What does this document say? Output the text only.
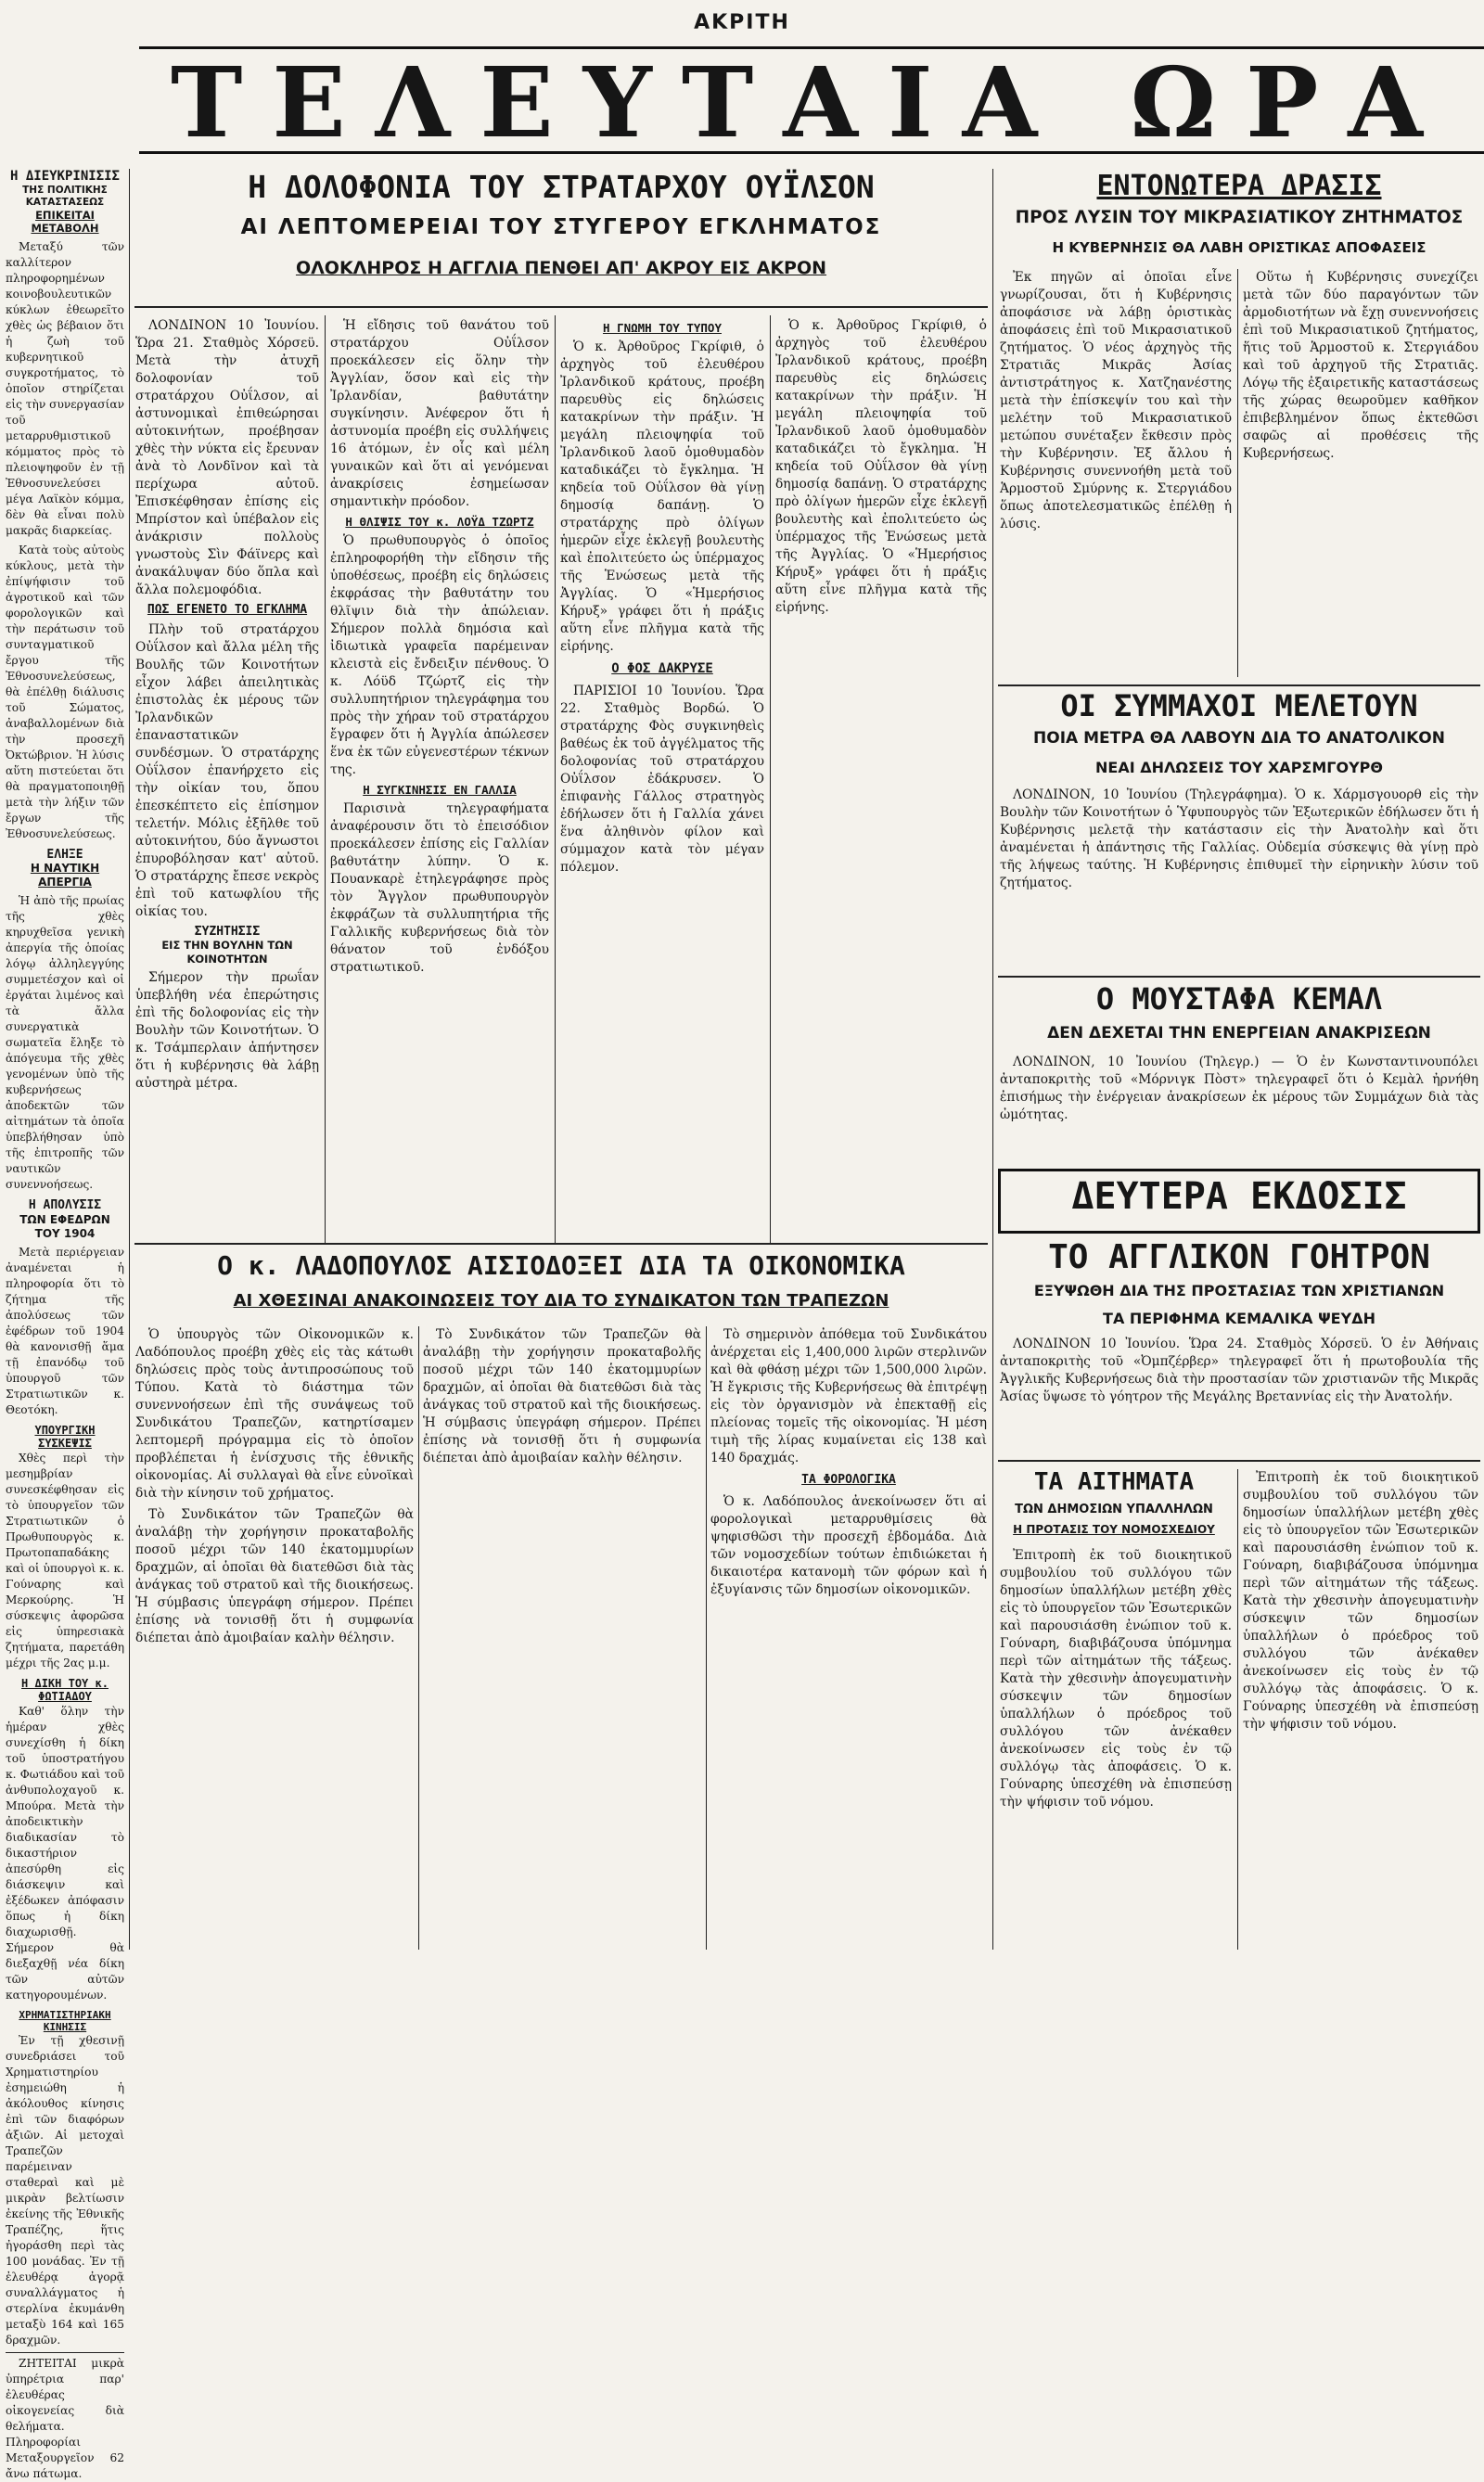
ΑΚΡΙΤΗ
ΤΕΛΕΥΤΑΙΑ ΩΡΑ

Η ΔΙΕΥΚΡΙΝΙΣΙΣ

ΤΗΣ ΠΟΛΙΤΙΚΗΣ ΚΑΤΑΣΤΑΣΕΩΣ

ΕΠΙΚΕΙΤΑΙ ΜΕΤΑΒΟΛΗ

Μεταξύ τῶν καλλίτερον πληροφορημένων κοινοβουλευτικῶν κύκλων ἐθεωρεῖτο χθὲς ὡς βέβαιον ὅτι ἡ ζωὴ τοῦ κυβερνητικοῦ συγκροτήματος, τὸ ὁποῖον στηρίζεται εἰς τὴν συνεργασίαν τοῦ μεταρρυθμιστικοῦ κόμματος πρὸς τὸ πλειοψηφοῦν ἐν τῇ Ἐθνοσυνελεύσει μέγα Λαϊκὸν κόμμα, δὲν θὰ εἶναι πολὺ μακρᾶς διαρκείας.

Κατὰ τοὺς αὐτοὺς κύκλους, μετὰ τὴν ἐπίψήφισιν τοῦ ἀγροτικοῦ καὶ τῶν φορολογικῶν καὶ τὴν περάτωσιν τοῦ συνταγματικοῦ ἔργου τῆς Ἐθνοσυνελεύσεως, θὰ ἐπέλθῃ διάλυσις τοῦ Σώματος, ἀναβαλλομένων διὰ τὴν προσεχῆ Ὀκτώβριον. Ἡ λύσις αὕτη πιστεύεται ὅτι θὰ πραγματοποιηθῇ μετὰ τὴν λήξιν τῶν ἔργων τῆς Ἐθνοσυνελεύσεως.

ΕΛΗΞΕ

Η ΝΑΥΤΙΚΗ ΑΠΕΡΓΙΑ

Ἡ ἀπὸ τῆς πρωίας τῆς χθὲς κηρυχθεῖσα γενικὴ ἀπεργία τῆς ὁποίας λόγῳ ἀλληλεγγύης συμμετέσχον καὶ οἱ ἐργάται λιμένος καὶ τὰ ἄλλα συνεργατικὰ σωματεῖα ἔληξε τὸ ἀπόγευμα τῆς χθὲς γενομένων ὑπὸ τῆς κυβερνήσεως ἀποδεκτῶν τῶν αἰτημάτων τὰ ὁποῖα ὑπεβλήθησαν ὑπὸ τῆς ἐπιτροπῆς τῶν ναυτικῶν συνεννοήσεως.

Η ΑΠΟΛΥΣΙΣ

ΤΩΝ ΕΦΕΔΡΩΝ ΤΟΥ 1904

Μετὰ περιέργειαν ἀναμένεται ἡ πληροφορία ὅτι τὸ ζήτημα τῆς ἀπολύσεως τῶν ἐφέδρων τοῦ 1904 θὰ κανονισθῇ ἅμα τῇ ἐπανόδῳ τοῦ ὑπουργοῦ τῶν Στρατιωτικῶν κ. Θεοτόκη.

ΥΠΟΥΡΓΙΚΗ ΣΥΣΚΕΨΙΣ

Χθὲς περὶ τὴν μεσημβρίαν συνεσκέφθησαν εἰς τὸ ὑπουργεῖον τῶν Στρατιωτικῶν ὁ Πρωθυπουργὸς κ. Πρωτοπαπαδάκης καὶ οἱ ὑπουργοὶ κ. κ. Γούναρης καὶ Μερκούρης. Ἡ σύσκεψις ἀφορῶσα εἰς ὑπηρεσιακὰ ζητήματα, παρετάθη μέχρι τῆς 2ας μ.μ.

Η ΔΙΚΗ ΤΟΥ κ. ΦΩΤΙΑΔΟΥ

Καθ' ὅλην τὴν ἡμέραν χθὲς συνεχίσθη ἡ δίκη τοῦ ὑποστρατήγου κ. Φωτιάδου καὶ τοῦ ἀνθυπολοχαγοῦ κ. Μπούρα. Μετὰ τὴν ἀποδεικτικὴν διαδικασίαν τὸ δικαστήριον ἀπεσύρθη εἰς διάσκεψιν καὶ ἐξέδωκεν ἀπόφασιν ὅπως ἡ δίκη διαχωρισθῇ. Σήμερον θὰ διεξαχθῇ νέα δίκη τῶν αὐτῶν κατηγορουμένων.

ΧΡΗΜΑΤΙΣΤΗΡΙΑΚΗ ΚΙΝΗΣΙΣ

Ἐν τῇ χθεσινῇ συνεδριάσει τοῦ Χρηματιστηρίου ἐσημειώθη ἡ ἀκόλουθος κίνησις ἐπὶ τῶν διαφόρων ἀξιῶν. Αἱ μετοχαὶ Τραπεζῶν παρέμειναν σταθεραὶ καὶ μὲ μικρὰν βελτίωσιν ἐκείνης τῆς Ἐθνικῆς Τραπέζης, ἥτις ἠγοράσθη περὶ τὰς 100 μονάδας. Ἐν τῇ ἐλευθέρᾳ ἀγορᾷ συναλλάγματος ἡ στερλίνα ἐκυμάνθη μεταξὺ 164 καὶ 165 δραχμῶν.

ΖΗΤΕΙΤΑΙ μικρὰ ὑπηρέτρια παρ' ἐλευθέρας οἰκογενείας διὰ θελήματα. Πληροφορίαι Μεταξουργεῖον 62 ἄνω πάτωμα.

Η ΔΟΛΟΦΟΝΙΑ ΤΟΥ ΣΤΡΑΤΑΡΧΟΥ ΟΥΪΛΣΟΝ

ΑΙ ΛΕΠΤΟΜΕΡΕΙΑΙ ΤΟΥ ΣΤΥΓΕΡΟΥ ΕΓΚΛΗΜΑΤΟΣ

ΟΛΟΚΛΗΡΟΣ Η ΑΓΓΛΙΑ ΠΕΝΘΕΙ ΑΠ' ΑΚΡΟΥ ΕΙΣ ΑΚΡΟΝ

ΛΟΝΔΙΝΟΝ 10 Ἰουνίου. Ὥρα 21. Σταθμὸς Χόρσεϋ. Μετὰ τὴν ἀτυχῆ δολοφονίαν τοῦ στρατάρχου Οὐΐλσον, αἱ ἀστυνομικαὶ ἐπιθεώρησαι αὐτοκινήτων, προέβησαν χθὲς τὴν νύκτα εἰς ἔρευναν ἀνὰ τὸ Λονδῖνον καὶ τὰ περίχωρα αὐτοῦ. Ἐπισκέφθησαν ἐπίσης εἰς Μπρίστον καὶ ὑπέβαλον εἰς ἀνάκρισιν πολλοὺς γνωστοὺς Σὶν Φάϊνερς καὶ ἀνακάλυψαν δύο ὅπλα καὶ ἄλλα πολεμοφόδια.

ΠΩΣ ΕΓΕΝΕΤΟ ΤΟ ΕΓΚΛΗΜΑ

Πλὴν τοῦ στρατάρχου Οὐΐλσον καὶ ἄλλα μέλη τῆς Βουλῆς τῶν Κοινοτήτων εἶχον λάβει ἀπειλητικὰς ἐπιστολὰς ἐκ μέρους τῶν Ἰρλανδικῶν ἐπαναστατικῶν συνδέσμων. Ὁ στρατάρχης Οὐΐλσον ἐπανήρχετο εἰς τὴν οἰκίαν του, ὅπου ἐπεσκέπτετο εἰς ἐπίσημον τελετήν. Μόλις ἐξῆλθε τοῦ αὐτοκινήτου, δύο ἄγνωστοι ἐπυροβόλησαν κατ' αὐτοῦ. Ὁ στρατάρχης ἔπεσε νεκρὸς ἐπὶ τοῦ κατωφλίου τῆς οἰκίας του.

ΣΥΖΗΤΗΣΙΣ

ΕΙΣ ΤΗΝ ΒΟΥΛΗΝ ΤΩΝ ΚΟΙΝΟΤΗΤΩΝ

Σήμερον τὴν πρωΐαν ὑπεβλήθη νέα ἐπερώτησις ἐπὶ τῆς δολοφονίας εἰς τὴν Βουλὴν τῶν Κοινοτήτων. Ὁ κ. Τσάμπερλαιν ἀπήντησεν ὅτι ἡ κυβέρνησις θὰ λάβῃ αὐστηρὰ μέτρα.

Ἡ εἴδησις τοῦ θανάτου τοῦ στρατάρχου Οὐΐλσον προεκάλεσεν εἰς ὅλην τὴν Ἀγγλίαν, ὅσον καὶ εἰς τὴν Ἰρλανδίαν, βαθυτάτην συγκίνησιν. Ἀνέφερον ὅτι ἡ ἀστυνομία προέβη εἰς συλλήψεις 16 ἀτόμων, ἐν οἷς καὶ μέλη γυναικῶν καὶ ὅτι αἱ γενόμεναι ἀνακρίσεις ἐσημείωσαν σημαντικὴν πρόοδον.

Η ΘΛΙΨΙΣ ΤΟΥ κ. ΛΟΫΔ ΤΖΩΡΤΖ

Ὁ πρωθυπουργὸς ὁ ὁποῖος ἐπληροφορήθη τὴν εἴδησιν τῆς ὑποθέσεως, προέβη εἰς δηλώσεις ἐκφράσας τὴν βαθυτάτην του θλῖψιν διὰ τὴν ἀπώλειαν. Σήμερον πολλὰ δημόσια καὶ ἰδιωτικὰ γραφεῖα παρέμειναν κλειστὰ εἰς ἔνδειξιν πένθους. Ὁ κ. Λόϋδ Τζώρτζ εἰς τὴν συλλυπητήριον τηλεγράφημα του πρὸς τὴν χήραν τοῦ στρατάρχου ἔγραφεν ὅτι ἡ Ἀγγλία ἀπώλεσεν ἕνα ἐκ τῶν εὐγενεστέρων τέκνων της.

Η ΣΥΓΚΙΝΗΣΙΣ ΕΝ ΓΑΛΛΙΑ

Παρισινὰ τηλεγραφήματα ἀναφέρουσιν ὅτι τὸ ἐπεισόδιον προεκάλεσεν ἐπίσης εἰς Γαλλίαν βαθυτάτην λύπην. Ὁ κ. Πουανκαρὲ ἐτηλεγράφησε πρὸς τὸν Ἄγγλον πρωθυπουργὸν ἐκφράζων τὰ συλλυπητήρια τῆς Γαλλικῆς κυβερνήσεως διὰ τὸν θάνατον τοῦ ἐνδόξου στρατιωτικοῦ.

Η ΓΝΩΜΗ ΤΟΥ ΤΥΠΟΥ

Ὁ κ. Ἀρθοῦρος Γκρίφιθ, ὁ ἀρχηγὸς τοῦ ἐλευθέρου Ἰρλανδικοῦ κράτους, προέβη παρευθὺς εἰς δηλώσεις κατακρίνων τὴν πράξιν. Ἡ μεγάλη πλειοψηφία τοῦ Ἰρλανδικοῦ λαοῦ ὁμοθυμαδὸν καταδικάζει τὸ ἔγκλημα. Ἡ κηδεία τοῦ Οὐΐλσον θὰ γίνῃ δημοσίᾳ δαπάνῃ. Ὁ στρατάρχης πρὸ ὀλίγων ἡμερῶν εἶχε ἐκλεγῇ βουλευτὴς καὶ ἐπολιτεύετο ὡς ὑπέρμαχος τῆς Ἑνώσεως μετὰ τῆς Ἀγγλίας. Ὁ «Ἡμερήσιος Κήρυξ» γράφει ὅτι ἡ πράξις αὕτη εἶνε πλῆγμα κατὰ τῆς εἰρήνης.

Ο ΦΟΣ ΔΑΚΡΥΣΕ

ΠΑΡΙΣΙΟΙ 10 Ἰουνίου. Ὥρα 22. Σταθμὸς Βορδώ. Ὁ στρατάρχης Φὸς συγκινηθεὶς βαθέως ἐκ τοῦ ἀγγέλματος τῆς δολοφονίας τοῦ στρατάρχου Οὐΐλσον ἐδάκρυσεν. Ὁ ἐπιφανὴς Γάλλος στρατηγὸς ἐδήλωσεν ὅτι ἡ Γαλλία χάνει ἕνα ἀληθινὸν φίλον καὶ σύμμαχον κατὰ τὸν μέγαν πόλεμον.

Ὁ κ. Ἀρθοῦρος Γκρίφιθ, ὁ ἀρχηγὸς τοῦ ἐλευθέρου Ἰρλανδικοῦ κράτους, προέβη παρευθὺς εἰς δηλώσεις κατακρίνων τὴν πράξιν. Ἡ μεγάλη πλειοψηφία τοῦ Ἰρλανδικοῦ λαοῦ ὁμοθυμαδὸν καταδικάζει τὸ ἔγκλημα. Ἡ κηδεία τοῦ Οὐΐλσον θὰ γίνῃ δημοσίᾳ δαπάνῃ. Ὁ στρατάρχης πρὸ ὀλίγων ἡμερῶν εἶχε ἐκλεγῇ βουλευτὴς καὶ ἐπολιτεύετο ὡς ὑπέρμαχος τῆς Ἑνώσεως μετὰ τῆς Ἀγγλίας. Ὁ «Ἡμερήσιος Κήρυξ» γράφει ὅτι ἡ πράξις αὕτη εἶνε πλῆγμα κατὰ τῆς εἰρήνης.

Ο κ. ΛΑΔΟΠΟΥΛΟΣ ΑΙΣΙΟΔΟΞΕΙ ΔΙΑ ΤΑ ΟΙΚΟΝΟΜΙΚΑ

ΑΙ ΧΘΕΣΙΝΑΙ ΑΝΑΚΟΙΝΩΣΕΙΣ ΤΟΥ ΔΙΑ ΤΟ ΣΥΝΔΙΚΑΤΟΝ ΤΩΝ ΤΡΑΠΕΖΩΝ

Ὁ ὑπουργὸς τῶν Οἰκονομικῶν κ. Λαδόπουλος προέβη χθὲς εἰς τὰς κάτωθι δηλώσεις πρὸς τοὺς ἀντιπροσώπους τοῦ Τύπου. Κατὰ τὸ διάστημα τῶν συνεννοήσεων ἐπὶ τῆς συνάψεως τοῦ Συνδικάτου Τραπεζῶν, κατηρτίσαμεν λεπτομερῆ πρόγραμμα εἰς τὸ ὁποῖον προβλέπεται ἡ ἐνίσχυσις τῆς ἐθνικῆς οἰκονομίας. Αἱ συλλαγαὶ θὰ εἶνε εὐνοϊκαὶ διὰ τὴν κίνησιν τοῦ χρήματος.

Τὸ Συνδικάτον τῶν Τραπεζῶν θὰ ἀναλάβῃ τὴν χορήγησιν προκαταβολῆς ποσοῦ μέχρι τῶν 140 ἑκατομμυρίων δραχμῶν, αἱ ὁποῖαι θὰ διατεθῶσι διὰ τὰς ἀνάγκας τοῦ στρατοῦ καὶ τῆς διοικήσεως. Ἡ σύμβασις ὑπεγράφη σήμερον. Πρέπει ἐπίσης νὰ τονισθῇ ὅτι ἡ συμφωνία διέπεται ἀπὸ ἀμοιβαίαν καλὴν θέλησιν.

Τὸ Συνδικάτον τῶν Τραπεζῶν θὰ ἀναλάβῃ τὴν χορήγησιν προκαταβολῆς ποσοῦ μέχρι τῶν 140 ἑκατομμυρίων δραχμῶν, αἱ ὁποῖαι θὰ διατεθῶσι διὰ τὰς ἀνάγκας τοῦ στρατοῦ καὶ τῆς διοικήσεως. Ἡ σύμβασις ὑπεγράφη σήμερον. Πρέπει ἐπίσης νὰ τονισθῇ ὅτι ἡ συμφωνία διέπεται ἀπὸ ἀμοιβαίαν καλὴν θέλησιν.

Τὸ σημερινὸν ἀπόθεμα τοῦ Συνδικάτου ἀνέρχεται εἰς 1,400,000 λιρῶν στερλινῶν καὶ θὰ φθάσῃ μέχρι τῶν 1,500,000 λιρῶν. Ἡ ἔγκρισις τῆς Κυβερνήσεως θὰ ἐπιτρέψῃ εἰς τὸν ὀργανισμὸν νὰ ἐπεκταθῇ εἰς πλείονας τομεῖς τῆς οἰκονομίας. Ἡ μέση τιμὴ τῆς λίρας κυμαίνεται εἰς 138 καὶ 140 δραχμάς.

ΤΑ ΦΟΡΟΛΟΓΙΚΑ

Ὁ κ. Λαδόπουλος ἀνεκοίνωσεν ὅτι αἱ φορολογικαὶ μεταρρυθμίσεις θὰ ψηφισθῶσι τὴν προσεχῆ ἑβδομάδα. Διὰ τῶν νομοσχεδίων τούτων ἐπιδιώκεται ἡ δικαιοτέρα κατανομὴ τῶν φόρων καὶ ἡ ἐξυγίανσις τῶν δημοσίων οἰκονομικῶν.

ΕΝΤΟΝΩΤΕΡΑ ΔΡΑΣΙΣ

ΠΡΟΣ ΛΥΣΙΝ ΤΟΥ ΜΙΚΡΑΣΙΑΤΙΚΟΥ ΖΗΤΗΜΑΤΟΣ

Η ΚΥΒΕΡΝΗΣΙΣ ΘΑ ΛΑΒΗ ΟΡΙΣΤΙΚΑΣ ΑΠΟΦΑΣΕΙΣ

Ἐκ πηγῶν αἱ ὁποῖαι εἶνε γνωρίζουσαι, ὅτι ἡ Κυβέρνησις ἀποφάσισε νὰ λάβῃ ὁριστικὰς ἀποφάσεις ἐπὶ τοῦ Μικρασιατικοῦ ζητήματος. Ὁ νέος ἀρχηγὸς τῆς Στρατιᾶς Μικρᾶς Ἀσίας ἀντιστράτηγος κ. Χατζηανέστης μετὰ τὴν ἐπίσκεψίν του καὶ τὴν μελέτην τοῦ Μικρασιατικοῦ μετώπου συνέταξεν ἔκθεσιν πρὸς τὴν Κυβέρνησιν. Ἐξ ἄλλου ἡ Κυβέρνησις συνεννοήθη μετὰ τοῦ Ἁρμοστοῦ Σμύρνης κ. Στεργιάδου ὅπως ἀποτελεσματικῶς ἐπέλθῃ ἡ λύσις.

Οὕτω ἡ Κυβέρνησις συνεχίζει μετὰ τῶν δύο παραγόντων τῶν ἀρμοδιοτήτων νὰ ἔχῃ συνεννοήσεις ἐπὶ τοῦ Μικρασιατικοῦ ζητήματος, ἥτις τοῦ Ἁρμοστοῦ κ. Στεργιάδου καὶ τοῦ ἀρχηγοῦ τῆς Στρατιᾶς. Λόγῳ τῆς ἐξαιρετικῆς καταστάσεως τῆς χώρας θεωροῦμεν καθῆκον ἐπιβεβλημένον ὅπως ἐκτεθῶσι σαφῶς αἱ προθέσεις τῆς Κυβερνήσεως.

ΟΙ ΣΥΜΜΑΧΟΙ ΜΕΛΕΤΟΥΝ

ΠΟΙΑ ΜΕΤΡΑ ΘΑ ΛΑΒΟΥΝ ΔΙΑ ΤΟ ΑΝΑΤΟΛΙΚΟΝ

ΝΕΑΙ ΔΗΛΩΣΕΙΣ ΤΟΥ ΧΑΡΣΜΓΟΥΡΘ

ΛΟΝΔΙΝΟΝ, 10 Ἰουνίου (Τηλεγράφημα). Ὁ κ. Χάρμσγουορθ εἰς τὴν Βουλὴν τῶν Κοινοτήτων ὁ Ὑφυπουργὸς τῶν Ἐξωτερικῶν ἐδήλωσεν ὅτι ἡ Κυβέρνησις μελετᾷ τὴν κατάστασιν εἰς τὴν Ἀνατολὴν καὶ ὅτι ἀναμένεται ἡ ἀπάντησις τῆς Γαλλίας. Οὐδεμία σύσκεψις θὰ γίνῃ πρὸ τῆς λήψεως ταύτης. Ἡ Κυβέρνησις ἐπιθυμεῖ τὴν εἰρηνικὴν λύσιν τοῦ ζητήματος.

Ο ΜΟΥΣΤΑΦΑ ΚΕΜΑΛ

ΔΕΝ ΔΕΧΕΤΑΙ ΤΗΝ ΕΝΕΡΓΕΙΑΝ ΑΝΑΚΡΙΣΕΩΝ

ΛΟΝΔΙΝΟΝ, 10 Ἰουνίου (Τηλεγρ.) — Ὁ ἐν Κωνσταντινουπόλει ἀνταποκριτὴς τοῦ «Μόρνιγκ Πὸστ» τηλεγραφεῖ ὅτι ὁ Κεμὰλ ἠρνήθη ἐπισήμως τὴν ἐνέργειαν ἀνακρίσεων ἐκ μέρους τῶν Συμμάχων διὰ τὰς ὠμότητας.

ΔΕΥΤΕΡΑ ΕΚΔΟΣΙΣ

ΤΟ ΑΓΓΛΙΚΟΝ ΓΟΗΤΡΟΝ

ΕΞΥΨΩΘΗ ΔΙΑ ΤΗΣ ΠΡΟΣΤΑΣΙΑΣ ΤΩΝ ΧΡΙΣΤΙΑΝΩΝ

ΤΑ ΠΕΡΙΦΗΜΑ ΚΕΜΑΛΙΚΑ ΨΕΥΔΗ

ΛΟΝΔΙΝΟΝ 10 Ἰουνίου. Ὥρα 24. Σταθμὸς Χόρσεϋ. Ὁ ἐν Ἀθήναις ἀνταποκριτὴς τοῦ «Ὀμπζέρβερ» τηλεγραφεῖ ὅτι ἡ πρωτοβουλία τῆς Ἀγγλικῆς Κυβερνήσεως διὰ τὴν προστασίαν τῶν χριστιανῶν τῆς Μικρᾶς Ἀσίας ὕψωσε τὸ γόητρον τῆς Μεγάλης Βρεταννίας εἰς τὴν Ἀνατολήν.

ΤΑ ΑΙΤΗΜΑΤΑ

ΤΩΝ ΔΗΜΟΣΙΩΝ ΥΠΑΛΛΗΛΩΝ

Η ΠΡΟΤΑΣΙΣ ΤΟΥ ΝΟΜΟΣΧΕΔΙΟΥ

Ἐπιτροπὴ ἐκ τοῦ διοικητικοῦ συμβουλίου τοῦ συλλόγου τῶν δημοσίων ὑπαλλήλων μετέβη χθὲς εἰς τὸ ὑπουργεῖον τῶν Ἐσωτερικῶν καὶ παρουσιάσθη ἐνώπιον τοῦ κ. Γούναρη, διαβιβάζουσα ὑπόμνημα περὶ τῶν αἰτημάτων τῆς τάξεως. Κατὰ τὴν χθεσινὴν ἀπογευματινὴν σύσκεψιν τῶν δημοσίων ὑπαλλήλων ὁ πρόεδρος τοῦ συλλόγου τῶν ἀνέκαθεν ἀνεκοίνωσεν εἰς τοὺς ἐν τῷ συλλόγῳ τὰς ἀποφάσεις. Ὁ κ. Γούναρης ὑπεσχέθη νὰ ἐπισπεύσῃ τὴν ψήφισιν τοῦ νόμου.

Ἐπιτροπὴ ἐκ τοῦ διοικητικοῦ συμβουλίου τοῦ συλλόγου τῶν δημοσίων ὑπαλλήλων μετέβη χθὲς εἰς τὸ ὑπουργεῖον τῶν Ἐσωτερικῶν καὶ παρουσιάσθη ἐνώπιον τοῦ κ. Γούναρη, διαβιβάζουσα ὑπόμνημα περὶ τῶν αἰτημάτων τῆς τάξεως. Κατὰ τὴν χθεσινὴν ἀπογευματινὴν σύσκεψιν τῶν δημοσίων ὑπαλλήλων ὁ πρόεδρος τοῦ συλλόγου τῶν ἀνέκαθεν ἀνεκοίνωσεν εἰς τοὺς ἐν τῷ συλλόγῳ τὰς ἀποφάσεις. Ὁ κ. Γούναρης ὑπεσχέθη νὰ ἐπισπεύσῃ τὴν ψήφισιν τοῦ νόμου.
